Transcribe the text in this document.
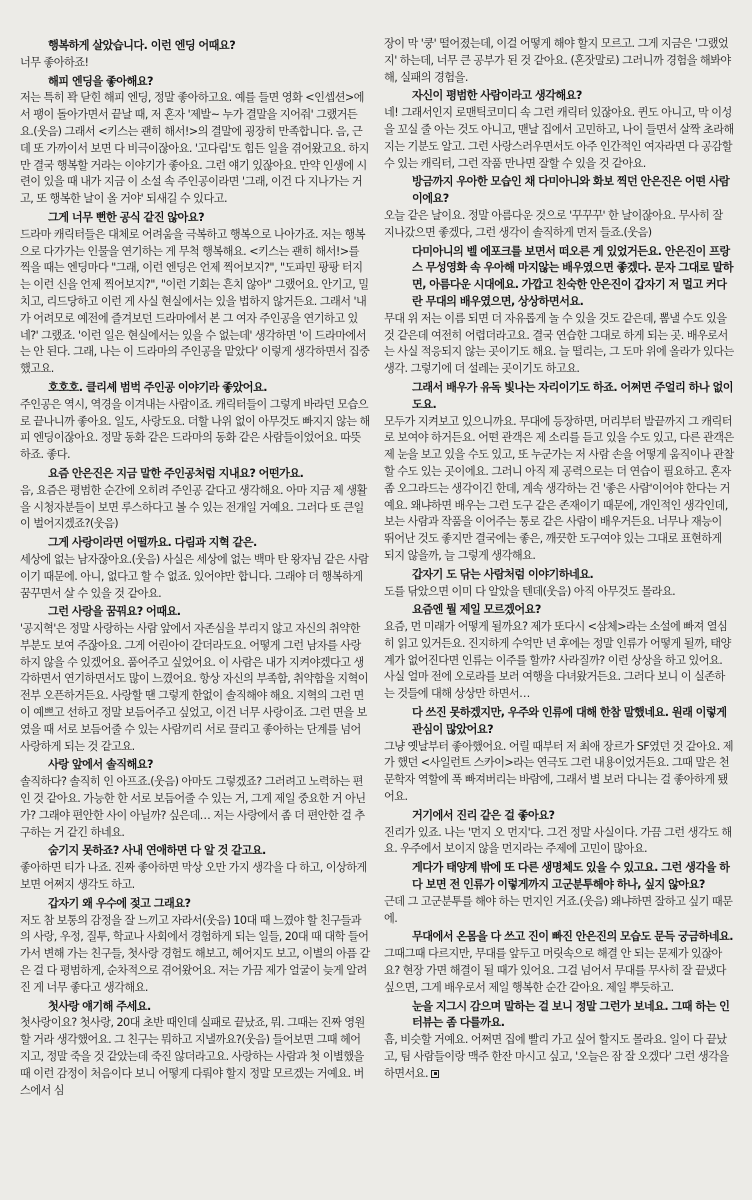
행복하게 살았습니다. 이런 엔딩 어때요?

너무 좋아하죠!

해피 엔딩을 좋아해요?

저는 특히 꽉 닫힌 해피 엔딩, 정말 좋아하고요. 예를 들면 영화 <인셉션>에서 팽이 돌아가면서 끝날 때, 저 혼자 '제발~ 누가 결말을 지어줘' 그랬거든요.(웃음) 그래서 <키스는 괜히 해서!>의 결말에 굉장히 만족합니다. 음, 근데 또 가까이서 보면 다 비극이잖아요. '고다림'도 힘든 일을 겪어왔고요. 하지만 결국 행복할 거라는 이야기가 좋아요. 그런 얘기 있잖아요. 만약 인생에 시련이 있을 때 내가 지금 이 소설 속 주인공이라면 '그래, 이건 다 지나가는 거고, 또 행복한 날이 올 거야' 되새길 수 있다고.

그게 너무 뻔한 공식 같진 않아요?

드라마 캐릭터들은 대체로 어려움을 극복하고 행복으로 나아가죠. 저는 행복으로 다가가는 인물을 연기하는 게 무척 행복해요. <키스는 괜히 해서!>를 찍을 때는 엔딩마다 "그래, 이런 엔딩은 언제 찍어보지?", "도파민 팡팡 터지는 이런 신을 언제 찍어보지?", "이런 기회는 흔치 않아" 그랬어요. 안기고, 밀치고, 리드당하고 이런 게 사실 현실에서는 있을 법하지 않거든요. 그래서 '내가 어려모로 예전에 즐겨보던 드라마에서 본 그 여자 주인공을 연기하고 있네?' 그랬죠. '이런 일은 현실에서는 있을 수 없는데' 생각하면 '이 드라마에서는 안 된다. 그래, 나는 이 드라마의 주인공을 맡았다' 이렇게 생각하면서 집중했고요.

호호호. 클리셰 범벅 주인공 이야기라 좋았어요.

주인공은 역시, 역경을 이겨내는 사람이죠. 캐릭터들이 그렇게 바라던 모습으로 끝나니까 좋아요. 일도, 사랑도요. 더할 나위 없이 아무것도 빠지지 않는 해피 엔딩이잖아요. 정말 동화 같은 드라마의 동화 같은 사람들이었어요. 따뜻하죠. 좋다.

요즘 안은진은 지금 말한 주인공처럼 지내요? 어떤가요.

음, 요즘은 평범한 순간에 오히려 주인공 같다고 생각해요. 아마 지금 제 생활을 시청자분들이 보면 루스하다고 볼 수 있는 전개일 거예요. 그러다 또 큰일이 벌어지겠죠?(웃음)

그게 사랑이라면 어떨까요. 다림과 지혁 같은.

세상에 없는 남자잖아요.(웃음) 사실은 세상에 없는 백마 탄 왕자님 같은 사람이기 때문에. 아니, 없다고 할 수 없죠. 있어야만 합니다. 그래야 더 행복하게 꿈꾸면서 살 수 있을 것 같아요.

그런 사랑을 꿈꿔요? 어때요.

'공지혁'은 정말 사랑하는 사람 앞에서 자존심을 부리지 않고 자신의 취약한 부분도 보여 주잖아요. 그게 어린아이 같더라도요. 어떻게 그런 남자를 사랑하지 않을 수 있겠어요. 품어주고 싶었어요. 이 사람은 내가 지켜야겠다고 생각하면서 연기하면서도 많이 느꼈어요. 항상 자신의 부족함, 취약함을 지혁이 전부 오픈하거든요. 사랑할 땐 그렇게 한없이 솔직해야 해요. 지혁의 그런 면이 예쁘고 선하고 정말 보듬어주고 싶었고, 이건 너무 사랑이죠. 그런 면을 보였을 때 서로 보듬어줄 수 있는 사람끼리 서로 끌리고 좋아하는 단계를 넘어 사랑하게 되는 것 같고요.

사랑 앞에서 솔직해요?

솔직하다? 솔직히 인 아프죠.(웃음) 아마도 그렇겠죠? 그러려고 노력하는 편인 것 같아요. 가능한 한 서로 보듬어줄 수 있는 거, 그게 제일 중요한 거 아닌가? 그래야 편안한 사이 아닐까? 싶은데… 저는 사랑에서 좀 더 편안한 걸 추구하는 거 같긴 하네요.

숨기지 못하죠? 사내 연애하면 다 알 것 같고요.

좋아하면 티가 나죠. 진짜 좋아하면 막상 오만 가지 생각을 다 하고, 이상하게 보면 어쩌지 생각도 하고.

갑자기 왜 우수에 젖고 그래요?

저도 참 보통의 감정을 잘 느끼고 자라서(웃음) 10대 때 느꼈야 할 친구들과의 사랑, 우정, 질투, 학교나 사회에서 경험하게 되는 일들, 20대 때 대학 들어가서 변해 가는 친구들, 첫사랑 경험도 해보고, 헤어지도 보고, 이별의 아픔 같은 걸 다 평범하게, 순차적으로 겪어왔어요. 저는 가끔 제가 얼굴이 늦게 알려진 게 너무 좋다고 생각해요.

첫사랑 얘기해 주세요.

첫사랑이요? 첫사랑, 20대 초반 때인데 실패로 끝났죠, 뭐. 그때는 진짜 영원할 거라 생각했어요. 그 친구는 뭐하고 지낼까요?(웃음) 들어보면 그때 헤어지고, 정말 죽을 것 같았는데 죽진 않더라고요. 사랑하는 사람과 첫 이별했을 때 이런 감정이 처음이다 보니 어떻게 다뤄야 할지 정말 모르겠는 거예요. 버스에서 심

장이 막 '쿵' 떨어졌는데, 이걸 어떻게 해야 할지 모르고. 그게 지금은 '그랬었지' 하는데, 너무 큰 공부가 된 것 같아요. (혼잣말로) 그러니까 경험을 해봐야 해, 실패의 경험을.

자신이 평범한 사람이라고 생각해요?

네! 그래서인지 로맨틱코미디 속 그런 캐릭터 있잖아요. 퀸도 아니고, 막 이성을 꼬실 줄 아는 것도 아니고, 맨날 집에서 고민하고, 나이 들면서 살짝 초라해지는 기분도 알고. 그런 사랑스러우면서도 아주 인간적인 여자라면 다 공감할 수 있는 캐릭터, 그런 작품 만나면 잘할 수 있을 것 같아요.

방금까지 우아한 모습인 채 다미아니와 화보 찍던 안은진은 어떤 사람이에요?

오늘 같은 날이요. 정말 아름다운 것으로 '꾸꾸꾸' 한 날이잖아요. 무사히 잘 지나갔으면 좋겠다, 그런 생각이 솔직하게 먼저 들죠.(웃음)

다미아니의 벨 에포크를 보면서 떠오른 게 있었거든요. 안은진이 프랑스 무성영화 속 우아해 마지않는 배우였으면 좋겠다. 문자 그대로 말하면, 아름다운 시대에요. 가깝고 친숙한 안은진이 갑자기 저 멀고 커다란 무대의 배우였으면, 상상하면서요.

무대 위 저는 이름 되면 더 자유롭게 놀 수 있을 것도 같은데, 뽐낼 수도 있을 것 같은데 여전히 어렵더라고요. 결국 연습한 그대로 하게 되는 곳. 배우로서는 사실 적응되지 않는 곳이기도 해요. 늘 떨리는, 그 도마 위에 올라가 있다는 생각. 그렇기에 더 설레는 곳이기도 하고요.

그래서 배우가 유독 빛나는 자리이기도 하죠. 어쩌면 주얼리 하나 없이도요.

모두가 지켜보고 있으니까요. 무대에 등장하면, 머리부터 발끝까지 그 캐릭터로 보여야 하거든요. 어떤 관객은 제 소리를 듣고 있을 수도 있고, 다른 관객은 제 눈을 보고 있을 수도 있고, 또 누군가는 저 사람 손을 어떻게 움직이나 관찰할 수도 있는 곳이에요. 그러니 아직 제 공력으로는 더 연습이 필요하고. 혼자 좀 오그라드는 생각이긴 한데, 계속 생각하는 건 '좋은 사람'이어야 한다는 거예요. 왜냐하면 배우는 그런 도구 같은 존재이기 때문에, 개인적인 생각인데, 보는 사람과 작품을 이어주는 통로 같은 사람이 배우거든요. 너무나 재능이 뛰어난 것도 좋지만 결국에는 좋은, 깨끗한 도구여야 있는 그대로 표현하게 되지 않을까, 늘 그렇게 생각해요.

갑자기 도 닦는 사람처럼 이야기하네요.

도를 닦았으면 이미 다 알았을 텐데(웃음) 아직 아무것도 몰라요.

요즘엔 뭘 제일 모르겠어요?

요즘, 먼 미래가 어떻게 될까요? 제가 또다시 <삼체>라는 소설에 빠져 열심히 읽고 있거든요. 진지하게 수억만 년 후에는 정말 인류가 어떻게 될까, 태양계가 없어진다면 인류는 이주를 할까? 사라질까? 이런 상상을 하고 있어요. 사실 얼마 전에 오로라를 보러 여행을 다녀왔거든요. 그러다 보니 이 실존하는 것들에 대해 상상만 하면서…

다 쓰진 못하겠지만, 우주와 인류에 대해 한참 말했네요. 원래 이렇게 관심이 많았어요?

그냥 옛날부터 좋아했어요. 어릴 때부터 저 최애 장르가 SF였던 것 같아요. 제가 했던 <사일런트 스카이>라는 연극도 그런 내용이었거든요. 그때 말은 천문학자 역할에 푹 빠져버리는 바람에, 그래서 별 보러 다니는 걸 좋아하게 됐어요.

거기에서 진리 같은 걸 좋아요?

진리가 있죠. 나는 '먼지 오 먼지'다. 그건 정말 사실이다. 가끔 그런 생각도 해요. 우주에서 보이지 않을 먼지라는 주제에 고민이 많아요.

게다가 태양계 밖에 또 다른 생명체도 있을 수 있고요. 그런 생각을 하다 보면 전 인류가 이렇게까지 고군분투해야 하나, 싶지 않아요?

근데 그 고군분투를 해야 하는 먼지인 거죠.(웃음) 왜냐하면 잘하고 싶기 때문에.

무대에서 온몸을 다 쓰고 진이 빠진 안은진의 모습도 문득 궁금하네요.

그때그때 다르지만, 무대를 앞두고 머릿속으로 해결 안 되는 문제가 있잖아요? 현장 가면 해결이 될 때가 있어요. 그걸 넘어서 무대를 무사히 잘 끝냈다 싶으면, 그게 배우로서 제일 행복한 순간 같아요. 제일 뿌듯하고.

눈을 지그시 감으며 말하는 걸 보니 정말 그런가 보네요. 그때 하는 인터뷰는 좀 다를까요.

흠, 비슷할 거예요. 어쩌면 집에 빨리 가고 싶어 할지도 몰라요. 일이 다 끝났고, 팀 사람들이랑 맥주 한잔 마시고 싶고, '오늘은 잠 잘 오겠다' 그런 생각을 하면서요.
